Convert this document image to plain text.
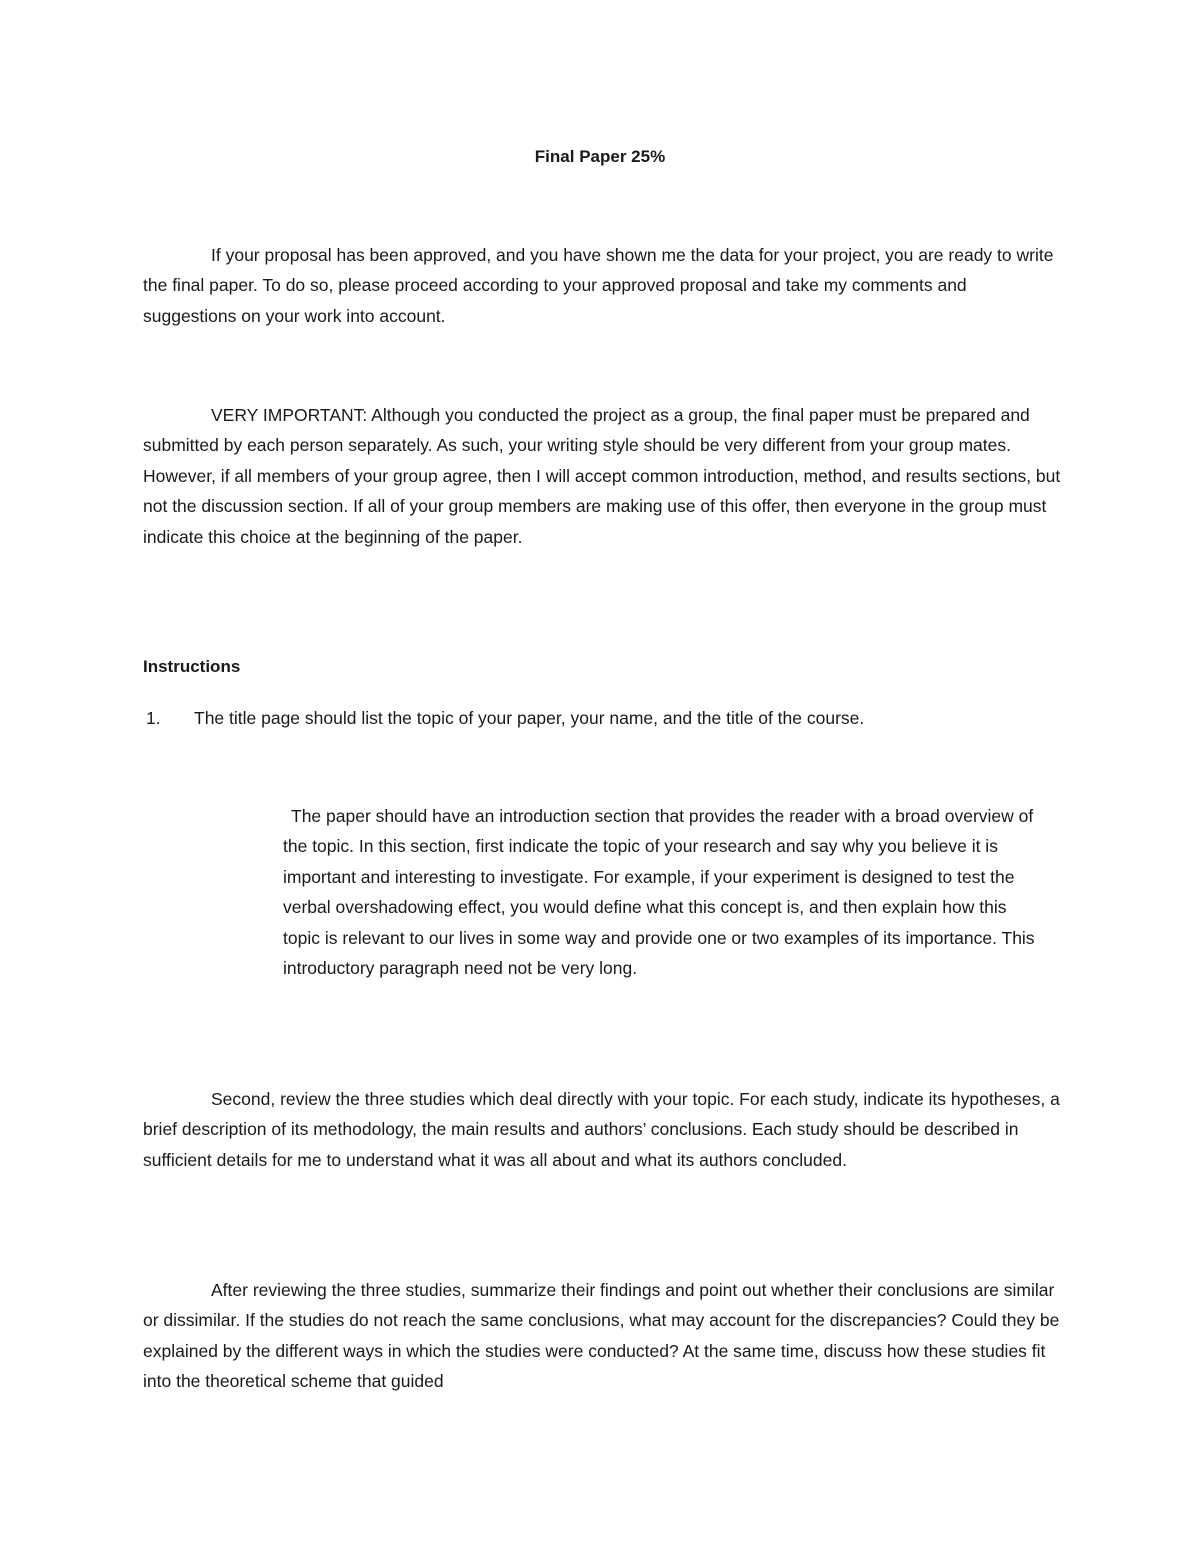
Final Paper 25%

If your proposal has been approved, and you have shown me the data for your project, you are ready to write the final paper. To do so, please proceed according to your approved proposal and take my comments and suggestions on your work into account.

VERY IMPORTANT: Although you conducted the project as a group, the final paper must be prepared and submitted by each person separately. As such, your writing style should be very different from your group mates. However, if all members of your group agree, then I will accept common introduction, method, and results sections, but not the discussion section. If all of your group members are making use of this offer, then everyone in the group must indicate this choice at the beginning of the paper.

Instructions

1. The title page should list the topic of your paper, your name, and the title of the course.

The paper should have an introduction section that provides the reader with a broad overview of the topic. In this section, first indicate the topic of your research and say why you believe it is important and interesting to investigate. For example, if your experiment is designed to test the verbal overshadowing effect, you would define what this concept is, and then explain how this topic is relevant to our lives in some way and provide one or two examples of its importance. This introductory paragraph need not be very long.

Second, review the three studies which deal directly with your topic. For each study, indicate its hypotheses, a brief description of its methodology, the main results and authors’ conclusions. Each study should be described in sufficient details for me to understand what it was all about and what its authors concluded.

After reviewing the three studies, summarize their findings and point out whether their conclusions are similar or dissimilar. If the studies do not reach the same conclusions, what may account for the discrepancies? Could they be explained by the different ways in which the studies were conducted? At the same time, discuss how these studies fit into the theoretical scheme that guided
